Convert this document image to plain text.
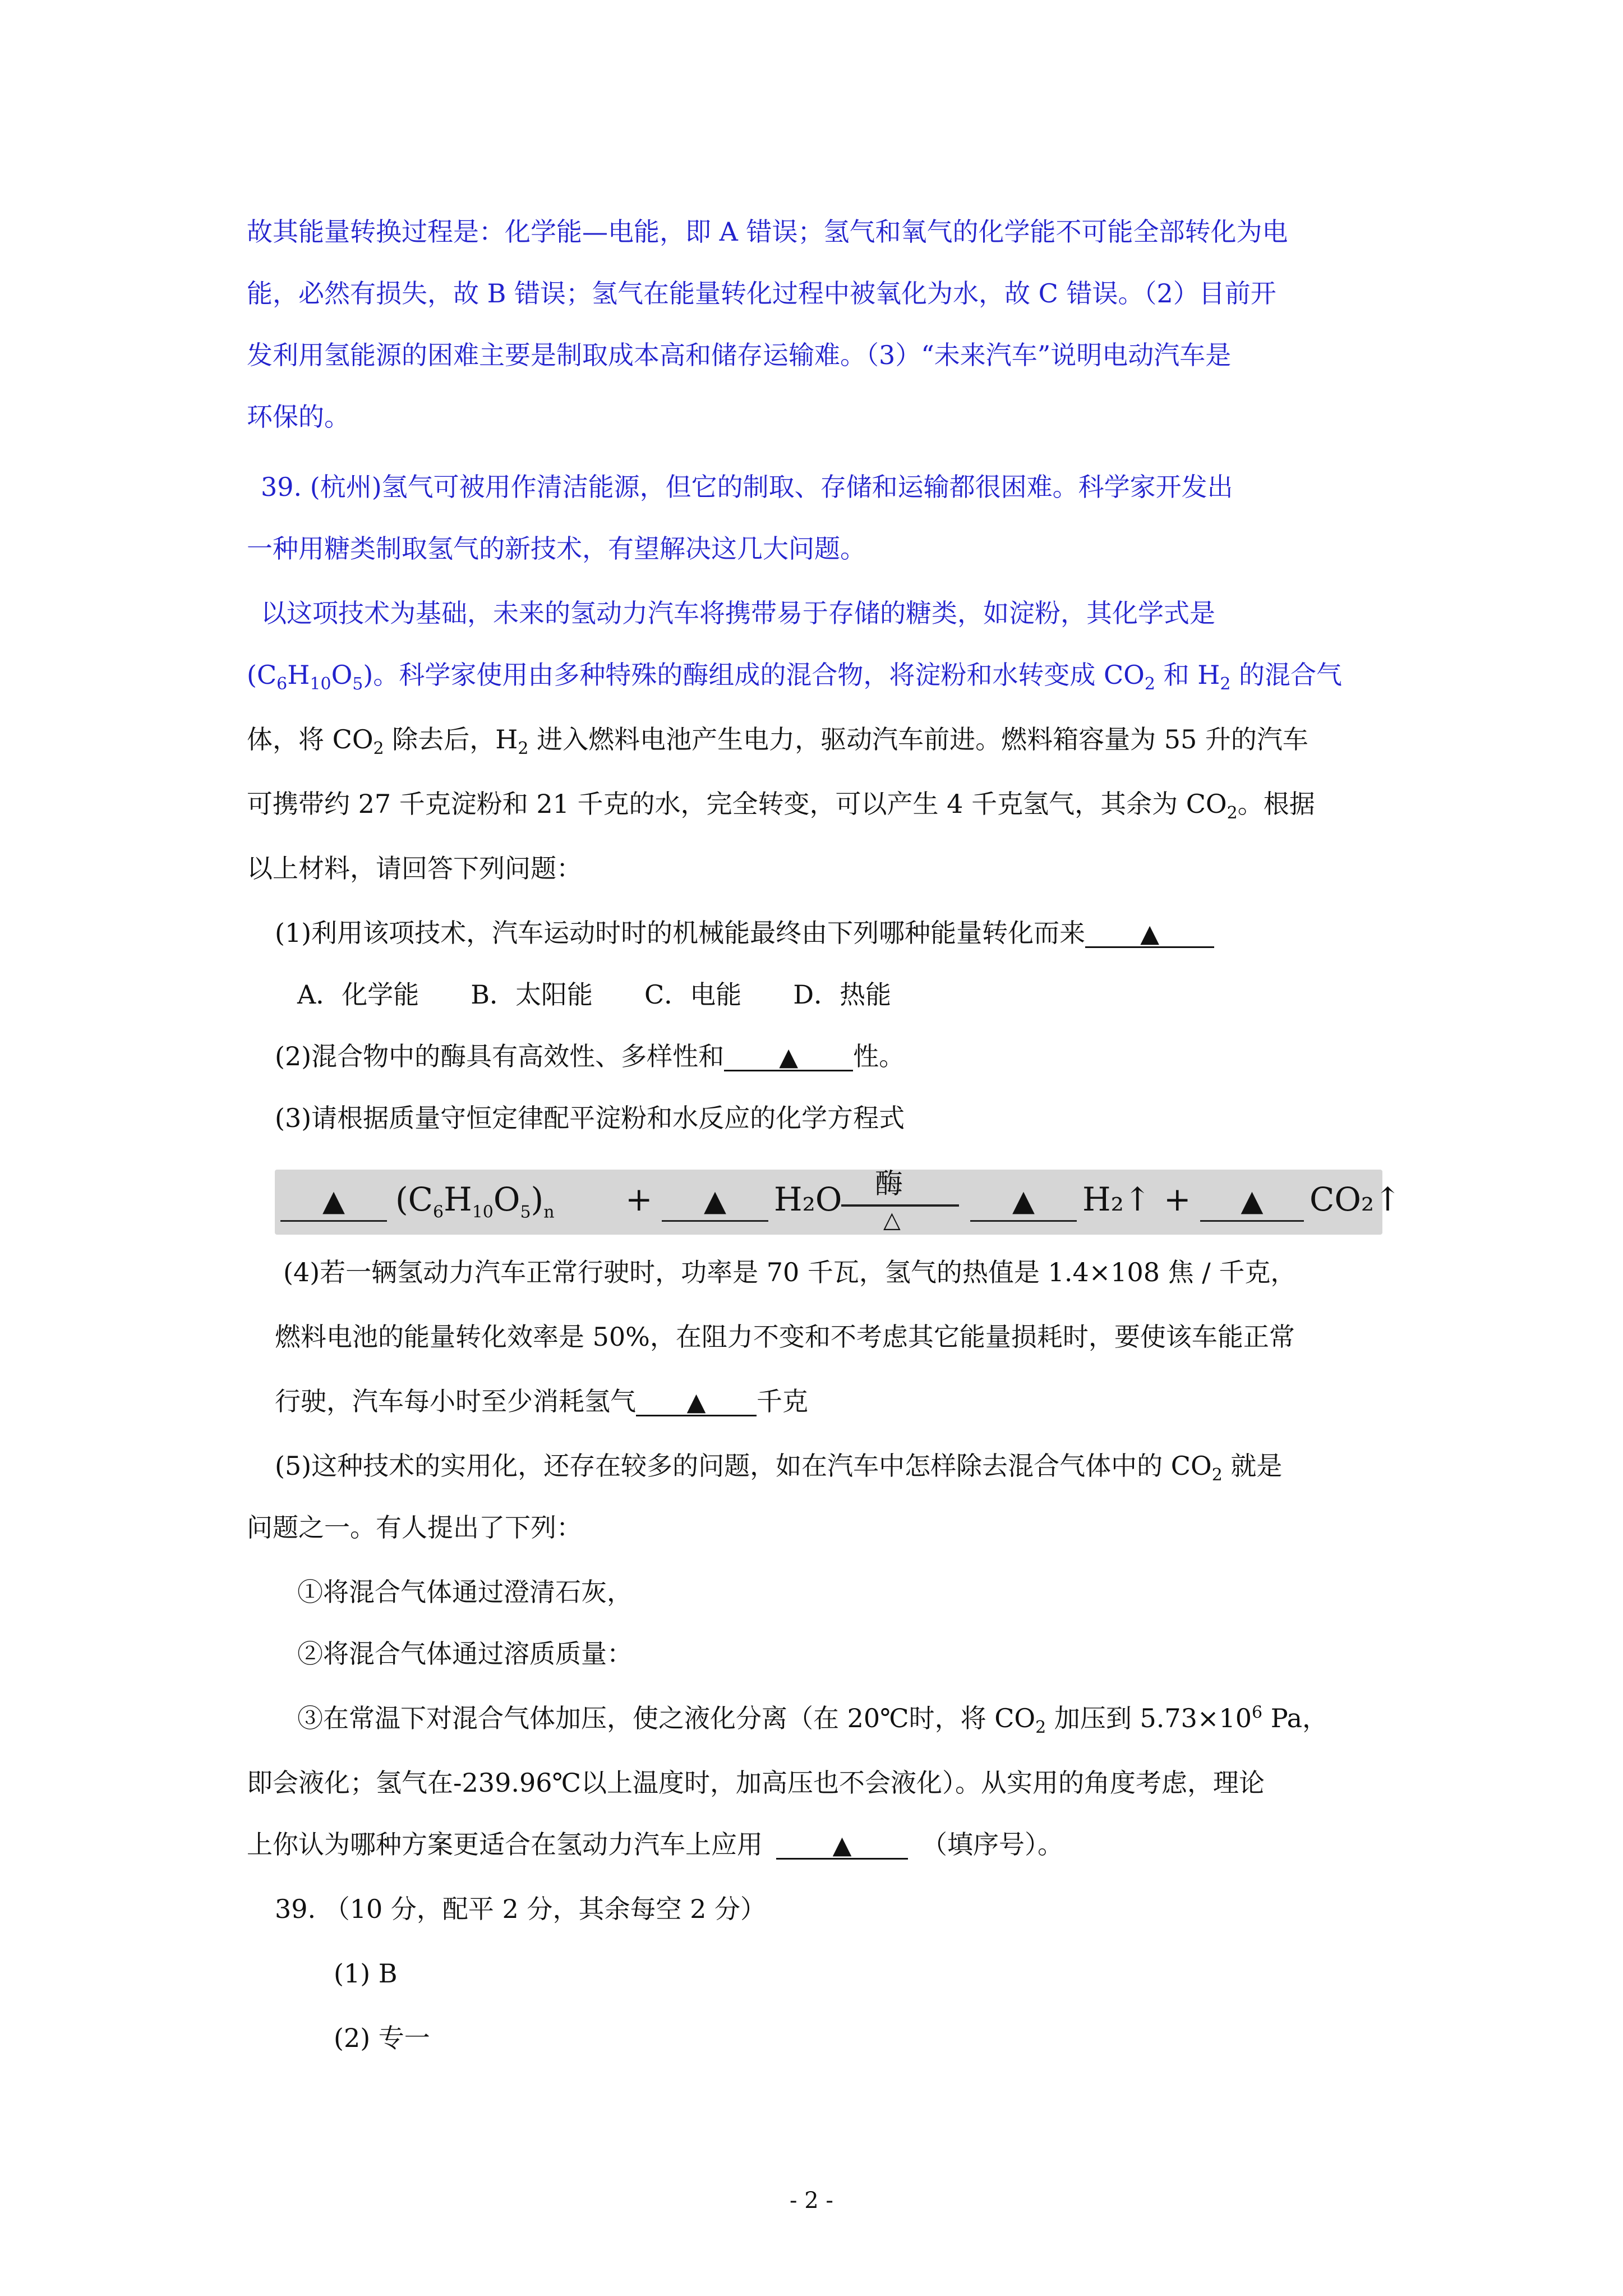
故其能量转换过程是：化学能—电能，即 A 错误；氢气和氧气的化学能不可能全部转化为电
能，必然有损失，故 B 错误；氢气在能量转化过程中被氧化为水，故 C 错误。（2）目前开
发利用氢能源的困难主要是制取成本高和储存运输难。（3）“未来汽车”说明电动汽车是
环保的。
39. (杭州)氢气可被用作清洁能源，但它的制取、存储和运输都很困难。科学家开发出
一种用糖类制取氢气的新技术，有望解决这几大问题。
以这项技术为基础，未来的氢动力汽车将携带易于存储的糖类，如淀粉，其化学式是
$(C_6H_{10}O_5)$。科学家使用由多种特殊的酶组成的混合物，将淀粉和水转变成 $CO_2$ 和 $H_2$ 的混合气
体，将 $CO_2$ 除去后，$H_2$ 进入燃料电池产生电力，驱动汽车前进。燃料箱容量为 55 升的汽车
可携带约 27 千克淀粉和 21 千克的水，完全转变，可以产生 4 千克氢气，其余为 $CO_2$。根据
以上材料，请回答下列问题：
(1)利用该项技术，汽车运动时时的机械能最终由下列哪种能量转化而来 ▲
A．化学能　　B．太阳能　　C．电能　　D．热能
(2)混合物中的酶具有高效性、多样性和 ▲ 性。
(3)请根据质量守恒定律配平淀粉和水反应的化学方程式
▲	$(C_6H_{10}O_5)_n$ +	▲	H₂O 酶
△
▲	H₂↑ +	▲	CO₂↑
(4)若一辆氢动力汽车正常行驶时，功率是 70 千瓦，氢气的热值是 1.4×108 焦 / 千克，
燃料电池的能量转化效率是 50%，在阻力不变和不考虑其它能量损耗时，要使该车能正常
行驶，汽车每小时至少消耗氢气 ▲ 千克
(5)这种技术的实用化，还存在较多的问题，如在汽车中怎样除去混合气体中的 $CO_2$ 就是
问题之一。有人提出了下列：
①将混合气体通过澄清石灰，
②将混合气体通过溶质质量：
③在常温下对混合气体加压，使之液化分离（在 20℃时，将 $CO_2$ 加压到 $5.73\times 10^6$ Pa，
即会液化；氢气在-239.96℃以上温度时，加高压也不会液化）。从实用的角度考虑，理论
上你认为哪种方案更适合在氢动力汽车上应用	▲	（填序号）。
39. （10 分，配平 2 分，其余每空 2 分）
(1) B
(2) 专一
- 2 -
